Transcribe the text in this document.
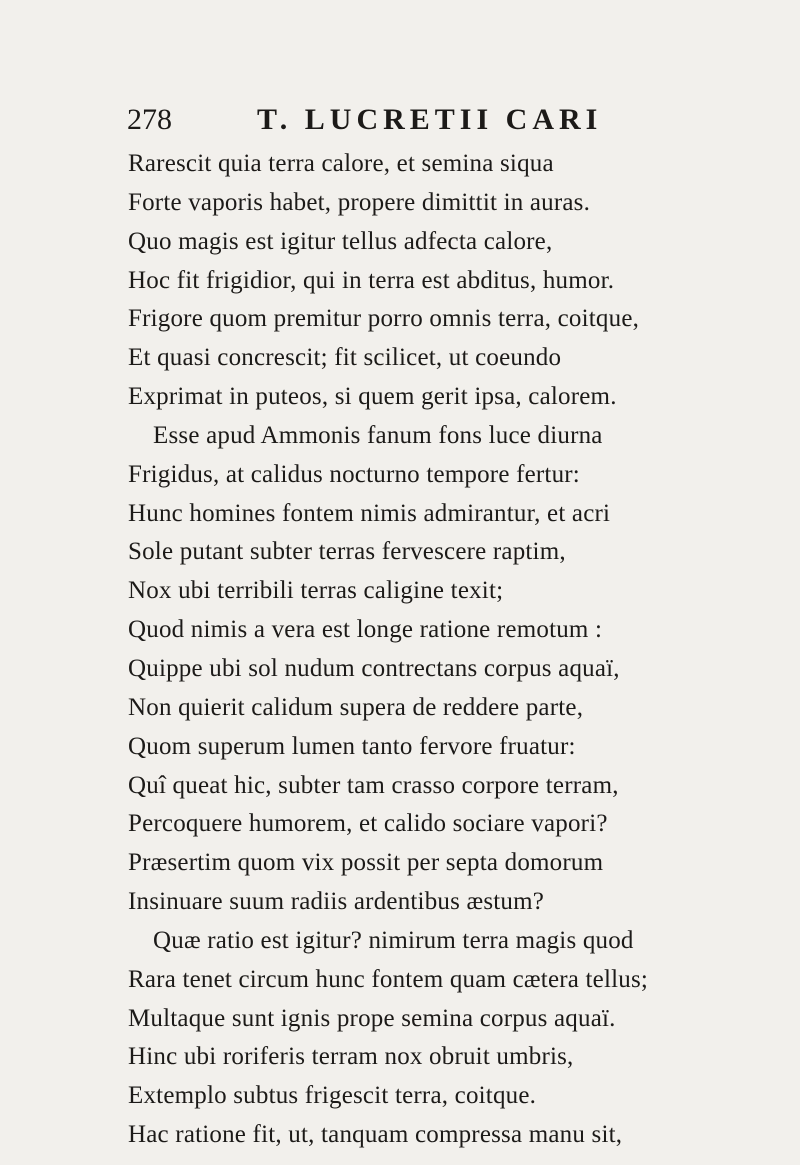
278	T. LUCRETII CARI
Rarescit quia terra calore, et semina siqua
Forte vaporis habet, propere dimittit in auras.
Quo magis est igitur tellus adfecta calore,
Hoc fit frigidior, qui in terra est abditus, humor.
Frigore quom premitur porro omnis terra, coitque,
Et quasi concrescit; fit scilicet, ut coeundo
Exprimat in puteos, si quem gerit ipsa, calorem.
Esse apud Ammonis fanum fons luce diurna
Frigidus, at calidus nocturno tempore fertur:
Hunc homines fontem nimis admirantur, et acri
Sole putant subter terras fervescere raptim,
Nox ubi terribili terras caligine texit;
Quod nimis a vera est longe ratione remotum :
Quippe ubi sol nudum contrectans corpus aquaï,
Non quierit calidum supera de reddere parte,
Quom superum lumen tanto fervore fruatur:
Quî queat hic, subter tam crasso corpore terram,
Percoquere humorem, et calido sociare vapori?
Præsertim quom vix possit per septa domorum
Insinuare suum radiis ardentibus æstum?
Quæ ratio est igitur? nimirum terra magis quod
Rara tenet circum hunc fontem quam cætera tellus;
Multaque sunt ignis prope semina corpus aquaï.
Hinc ubi roriferis terram nox obruit umbris,
Extemplo subtus frigescit terra, coitque.
Hac ratione fit, ut, tanquam compressa manu sit,
